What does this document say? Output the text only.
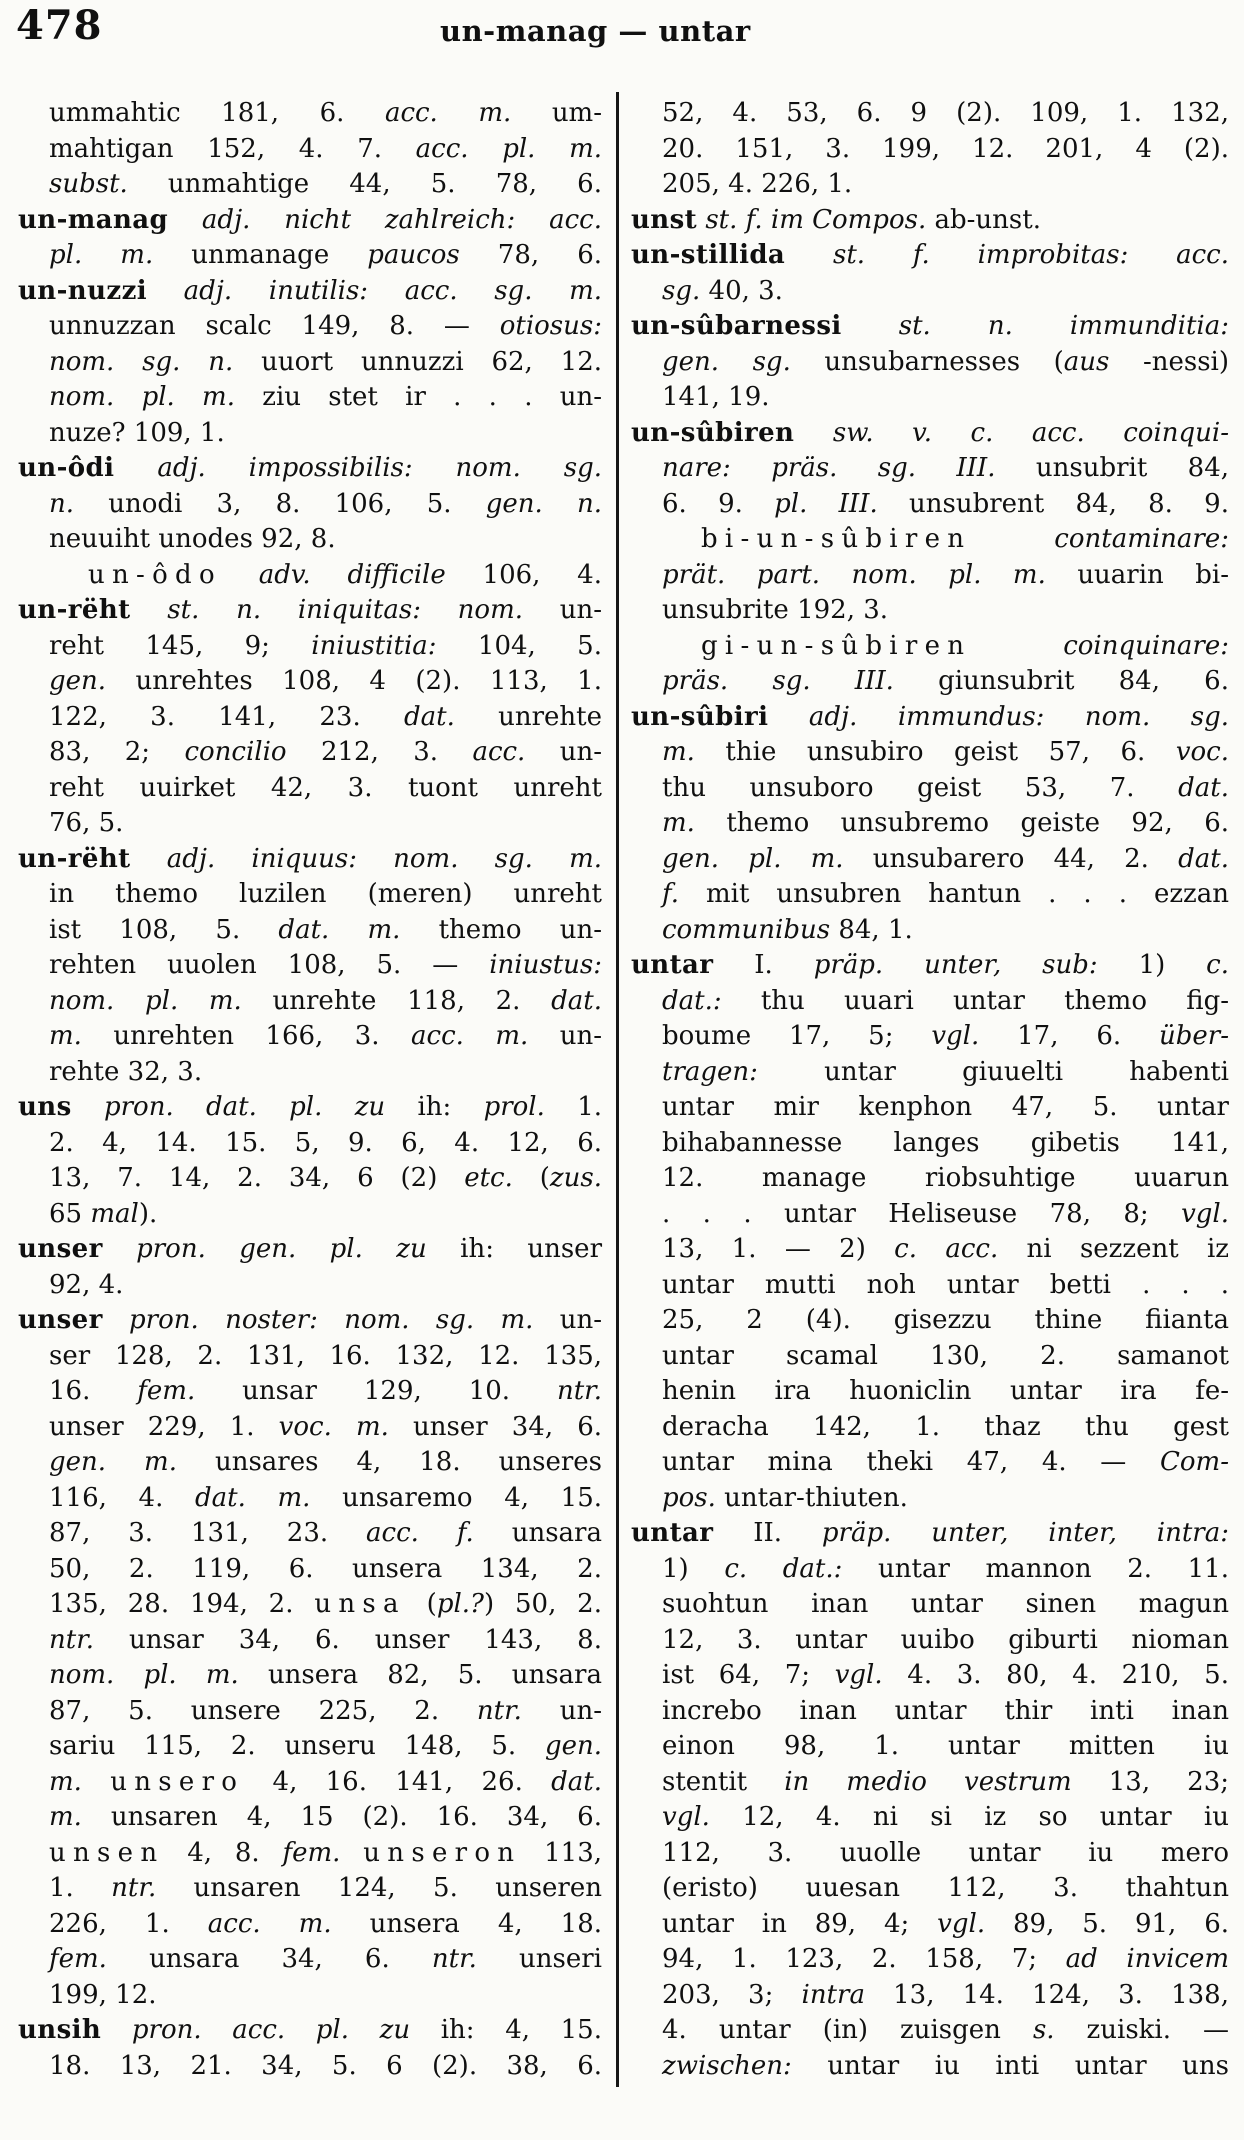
478	un-manag — untar
ummahtic 181, 6. acc. m. um-
mahtigan 152, 4. 7. acc. pl. m.
subst. unmahtige 44, 5. 78, 6.
un-manag adj. nicht zahlreich: acc.
pl. m. unmanage paucos 78, 6.
un-nuzzi adj. inutilis: acc. sg. m.
unnuzzan scalc 149, 8. — otiosus:
nom. sg. n. uuort unnuzzi 62, 12.
nom. pl. m. ziu stet ir . . . un-
nuze? 109, 1.
un-ôdi adj. impossibilis: nom. sg.
n. unodi 3, 8. 106, 5. gen. n.
neuuiht unodes 92, 8.
un-ôdo adv. difficile 106, 4.
un-rëht st. n. iniquitas: nom. un-
reht 145, 9; iniustitia: 104, 5.
gen. unrehtes 108, 4 (2). 113, 1.
122, 3. 141, 23. dat. unrehte
83, 2; concilio 212, 3. acc. un-
reht uuirket 42, 3. tuont unreht
76, 5.
un-rëht adj. iniquus: nom. sg. m.
in themo luzilen (meren) unreht
ist 108, 5. dat. m. themo un-
rehten uuolen 108, 5. — iniustus:
nom. pl. m. unrehte 118, 2. dat.
m. unrehten 166, 3. acc. m. un-
rehte 32, 3.
uns pron. dat. pl. zu ih: prol. 1.
2. 4, 14. 15. 5, 9. 6, 4. 12, 6.
13, 7. 14, 2. 34, 6 (2) etc. (zus.
65 mal).
unser pron. gen. pl. zu ih: unser
92, 4.
unser pron. noster: nom. sg. m. un-
ser 128, 2. 131, 16. 132, 12. 135,
16. fem. unsar 129, 10. ntr.
unser 229, 1. voc. m. unser 34, 6.
gen. m. unsares 4, 18. unseres
116, 4. dat. m. unsaremo 4, 15.
87, 3. 131, 23. acc. f. unsara
50, 2. 119, 6. unsera 134, 2.
135, 28. 194, 2. unsa (pl.?) 50, 2.
ntr. unsar 34, 6. unser 143, 8.
nom. pl. m. unsera 82, 5. unsara
87, 5. unsere 225, 2. ntr. un-
sariu 115, 2. unseru 148, 5. gen.
m. unsero 4, 16. 141, 26. dat.
m. unsaren 4, 15 (2). 16. 34, 6.
unsen 4, 8. fem. unseron 113,
1. ntr. unsaren 124, 5. unseren
226, 1. acc. m. unsera 4, 18.
fem. unsara 34, 6. ntr. unseri
199, 12.
unsih pron. acc. pl. zu ih: 4, 15.
18. 13, 21. 34, 5. 6 (2). 38, 6.
52, 4. 53, 6. 9 (2). 109, 1. 132,
20. 151, 3. 199, 12. 201, 4 (2).
205, 4. 226, 1.
unst st. f. im Compos. ab-unst.
un-stillida st. f. improbitas: acc.
sg. 40, 3.
un-sûbarnessi st. n. immunditia:
gen. sg. unsubarnesses (aus -nessi)
141, 19.
un-sûbiren sw. v. c. acc. coinqui-
nare: präs. sg. III. unsubrit 84,
6. 9. pl. III. unsubrent 84, 8. 9.
bi-un-sûbiren	contaminare:
prät. part. nom. pl. m. uuarin bi-
unsubrite 192, 3.
gi-un-sûbiren	coinquinare:
präs. sg. III. giunsubrit 84, 6.
un-sûbiri adj. immundus: nom. sg.
m. thie unsubiro geist 57, 6. voc.
thu unsuboro geist 53, 7. dat.
m. themo unsubremo geiste 92, 6.
gen. pl. m. unsubarero 44, 2. dat.
f. mit unsubren hantun . . . ezzan
communibus 84, 1.
untar I. präp. unter, sub: 1) c.
dat.: thu uuari untar themo fig-
boume 17, 5; vgl. 17, 6. über-
tragen: untar giuuelti habenti
untar mir kenphon 47, 5. untar
bihabannesse langes gibetis 141,
12. manage riobsuhtige uuarun
. . . untar Heliseuse 78, 8; vgl.
13, 1. — 2) c. acc. ni sezzent iz
untar mutti noh untar betti . . .
25, 2 (4). gisezzu thine fiianta
untar scamal 130, 2. samanot
henin ira huoniclin untar ira fe-
deracha 142, 1. thaz thu gest
untar mina theki 47, 4. — Com-
pos. untar-thiuten.
untar II. präp. unter, inter, intra:
1) c. dat.: untar mannon 2. 11.
suohtun inan untar sinen magun
12, 3. untar uuibo giburti nioman
ist 64, 7; vgl. 4. 3. 80, 4. 210, 5.
increbo inan untar thir inti inan
einon 98, 1. untar mitten iu
stentit in medio vestrum 13, 23;
vgl. 12, 4. ni si iz so untar iu
112, 3. uuolle untar iu mero
(eristo) uuesan 112, 3. thahtun
untar in 89, 4; vgl. 89, 5. 91, 6.
94, 1. 123, 2. 158, 7; ad invicem
203, 3; intra 13, 14. 124, 3. 138,
4. untar (in) zuisgen s. zuiski. —
zwischen: untar iu inti untar uns
